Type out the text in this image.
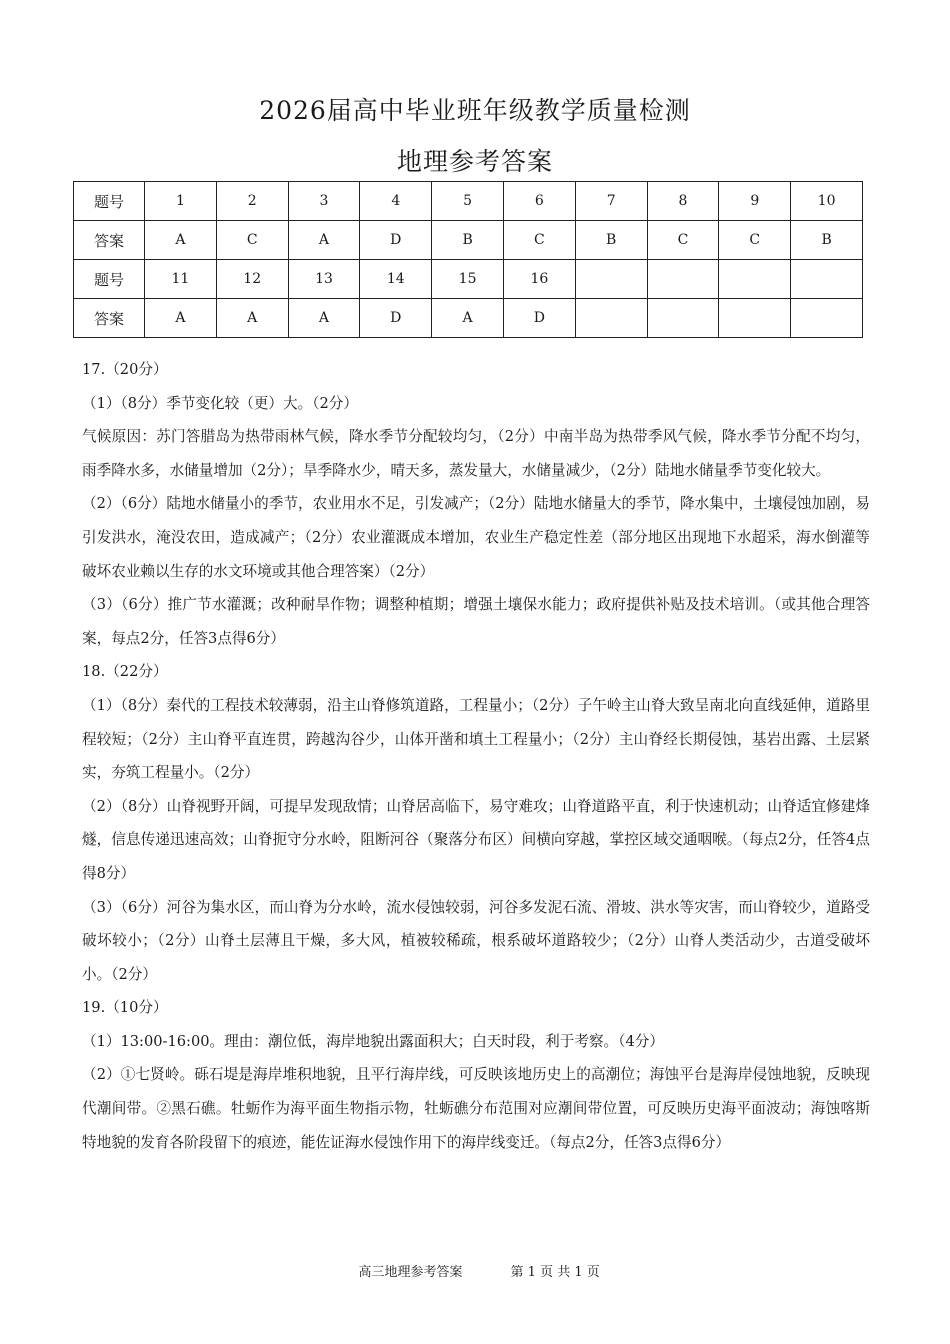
2026届高中毕业班年级教学质量检测
地理参考答案
题号	1	2	3	4	5	6	7	8	9	10
答案	A	C	A	D	B	C	B	C	C	B
题号	11	12	13	14	15	16				
答案	A	A	A	D	A	D				

17.（20分）

（1）（8分）季节变化较（更）大。（2分）

气候原因：苏门答腊岛为热带雨林气候，降水季节分配较均匀，（2分）中南半岛为热带季风气候，降水季节分配不均匀，雨季降水多，水储量增加（2分）；旱季降水少，晴天多，蒸发量大，水储量减少，（2分）陆地水储量季节变化较大。

（2）（6分）陆地水储量小的季节，农业用水不足，引发减产；（2分）陆地水储量大的季节，降水集中，土壤侵蚀加剧，易引发洪水，淹没农田，造成减产；（2分）农业灌溉成本增加，农业生产稳定性差（部分地区出现地下水超采，海水倒灌等破坏农业赖以生存的水文环境或其他合理答案）（2分）

（3）（6分）推广节水灌溉；改种耐旱作物；调整种植期；增强土壤保水能力；政府提供补贴及技术培训。（或其他合理答案，每点2分，任答3点得6分）

18.（22分）

（1）（8分）秦代的工程技术较薄弱，沿主山脊修筑道路，工程量小；（2分）子午岭主山脊大致呈南北向直线延伸，道路里程较短；（2分）主山脊平直连贯，跨越沟谷少，山体开凿和填土工程量小；（2分）主山脊经长期侵蚀，基岩出露、土层紧实，夯筑工程量小。（2分）

（2）（8分）山脊视野开阔，可提早发现敌情；山脊居高临下，易守难攻；山脊道路平直，利于快速机动；山脊适宜修建烽燧，信息传递迅速高效；山脊扼守分水岭，阻断河谷（聚落分布区）间横向穿越，掌控区域交通咽喉。（每点2分，任答4点得8分）

（3）（6分）河谷为集水区，而山脊为分水岭，流水侵蚀较弱，河谷多发泥石流、滑坡、洪水等灾害，而山脊较少，道路受破坏较小；（2分）山脊土层薄且干燥，多大风，植被较稀疏，根系破坏道路较少；（2分）山脊人类活动少，古道受破坏小。（2分）

19.（10分）

（1）13:00-16:00。理由：潮位低，海岸地貌出露面积大；白天时段，利于考察。（4分）

（2）①七贤岭。砾石堤是海岸堆积地貌，且平行海岸线，可反映该地历史上的高潮位；海蚀平台是海岸侵蚀地貌，反映现代潮间带。②黑石礁。牡蛎作为海平面生物指示物，牡蛎礁分布范围对应潮间带位置，可反映历史海平面波动；海蚀喀斯特地貌的发育各阶段留下的痕迹，能佐证海水侵蚀作用下的海岸线变迁。（每点2分，任答3点得6分）

高三地理参考答案	第 1 页 共 1 页
